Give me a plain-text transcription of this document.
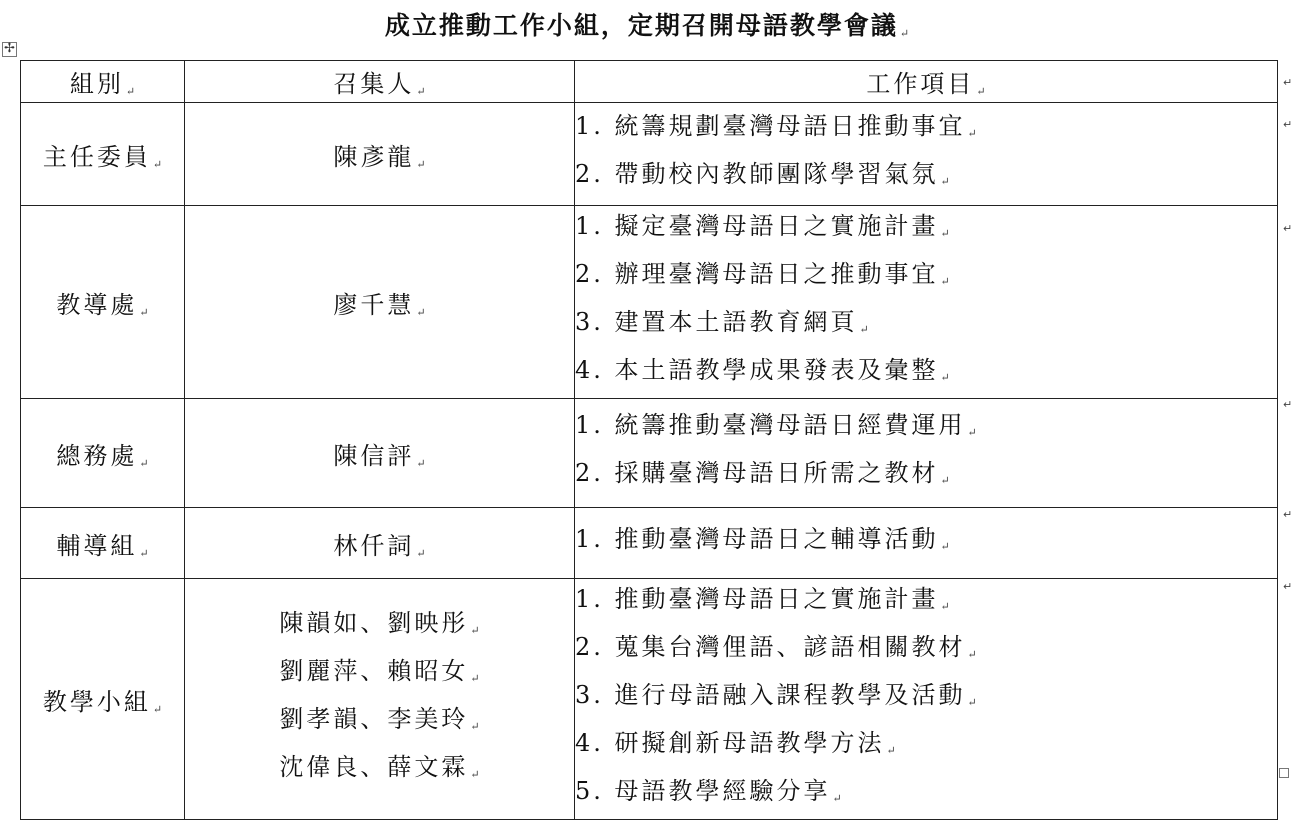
成立推動工作小組，定期召開母語教學會議 ↵
✢
組別 ↵	召集人 ↵	工作項目 ↵
主任委員 ↵	陳彥龍 ↵	1. 統籌規劃臺灣母語日推動事宜 ↵
2. 帶動校內教師團隊學習氣氛 ↵

教導處 ↵	廖千慧 ↵	1. 擬定臺灣母語日之實施計畫 ↵
2. 辦理臺灣母語日之推動事宜 ↵
3. 建置本土語教育網頁 ↵
4. 本土語教學成果發表及彙整 ↵

總務處 ↵	陳信評 ↵	1. 統籌推動臺灣母語日經費運用 ↵
2. 採購臺灣母語日所需之教材 ↵

輔導組 ↵	林仟詞 ↵	1. 推動臺灣母語日之輔導活動 ↵

教學小組 ↵	陳韻如、劉映彤 ↵
劉麗萍、賴昭女 ↵
劉孝韻、李美玲 ↵
沈偉良、薛文霖 ↵	1. 推動臺灣母語日之實施計畫 ↵
2. 蒐集台灣俚語、諺語相關教材 ↵
3. 進行母語融入課程教學及活動 ↵
4. 研擬創新母語教學方法 ↵
5. 母語教學經驗分享 ↵
↵
↵
↵
↵
↵
↵
